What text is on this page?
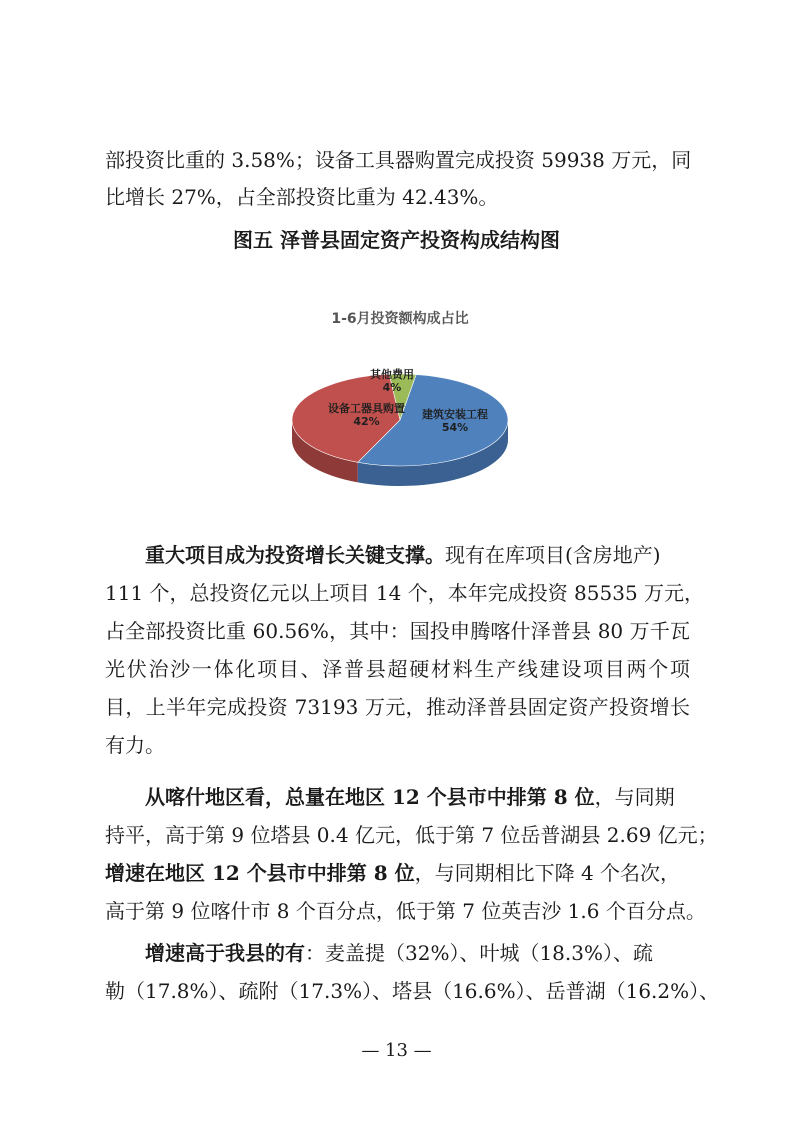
部投资比重的 3.58%；设备工具器购置完成投资 59938 万元，同
比增长 27%，占全部投资比重为 42.43%。
图五 泽普县固定资产投资构成结构图
1-6月投资额构成占比
其他费用
4%
设备工器具购置
42%
建筑安装工程
54%
重大项目成为投资增长关键支撑。现有在库项目(含房地产)
111 个，总投资亿元以上项目 14 个，本年完成投资 85535 万元，
占全部投资比重 60.56%，其中：国投申腾喀什泽普县 80 万千瓦
光伏治沙一体化项目、泽普县超硬材料生产线建设项目两个项
目，上半年完成投资 73193 万元，推动泽普县固定资产投资增长
有力。
从喀什地区看，总量在地区 12 个县市中排第 8 位，与同期
持平，高于第 9 位塔县 0.4 亿元，低于第 7 位岳普湖县 2.69 亿元；
增速在地区 12 个县市中排第 8 位，与同期相比下降 4 个名次，
高于第 9 位喀什市 8 个百分点，低于第 7 位英吉沙 1.6 个百分点。
增速高于我县的有：麦盖提（32%）、叶城（18.3%）、疏
勒（17.8%）、疏附（17.3%）、塔县（16.6%）、岳普湖（16.2%）、
— 13 —
